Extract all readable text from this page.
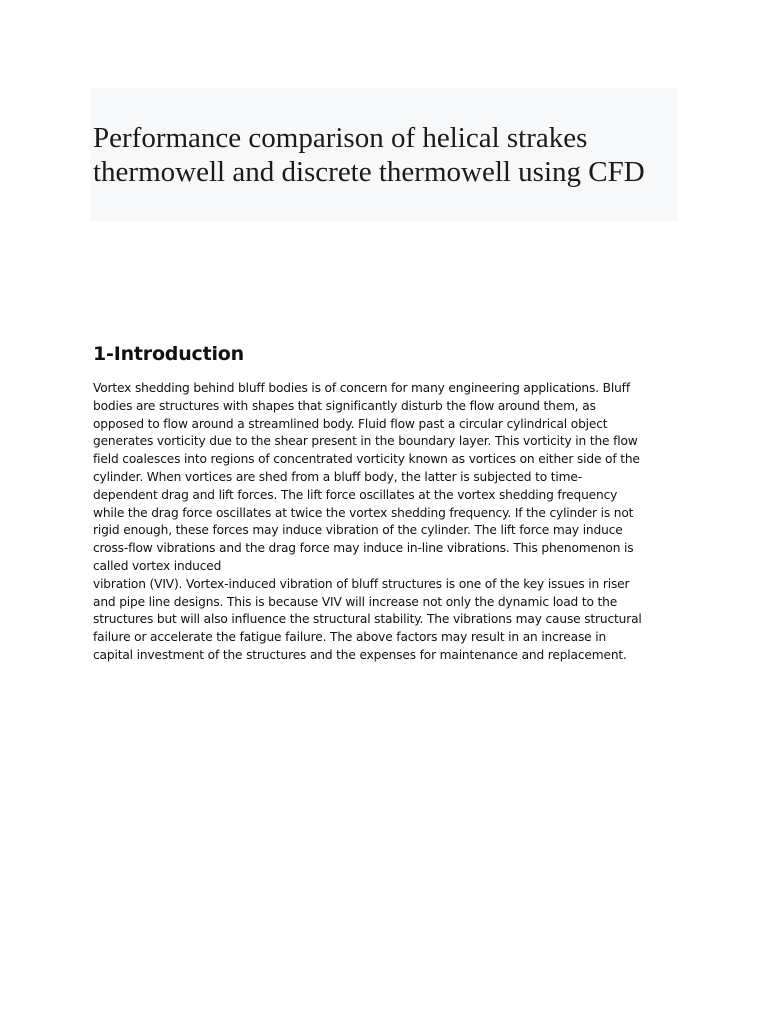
Performance comparison of helical strakes thermowell and discrete thermowell using CFD
1-Introduction

Vortex shedding behind bluff bodies is of concern for many engineering applications. Bluff
bodies are structures with shapes that significantly disturb the flow around them, as
opposed to flow around a streamlined body. Fluid flow past a circular cylindrical object
generates vorticity due to the shear present in the boundary layer. This vorticity in the flow
field coalesces into regions of concentrated vorticity known as vortices on either side of the
cylinder. When vortices are shed from a bluff body, the latter is subjected to time-
dependent drag and lift forces. The lift force oscillates at the vortex shedding frequency
while the drag force oscillates at twice the vortex shedding frequency. If the cylinder is not
rigid enough, these forces may induce vibration of the cylinder. The lift force may induce
cross-flow vibrations and the drag force may induce in-line vibrations. This phenomenon is
called vortex induced
vibration (VIV). Vortex-induced vibration of bluff structures is one of the key issues in riser
and pipe line designs. This is because VIV will increase not only the dynamic load to the
structures but will also influence the structural stability. The vibrations may cause structural
failure or accelerate the fatigue failure. The above factors may result in an increase in
capital investment of the structures and the expenses for maintenance and replacement.
